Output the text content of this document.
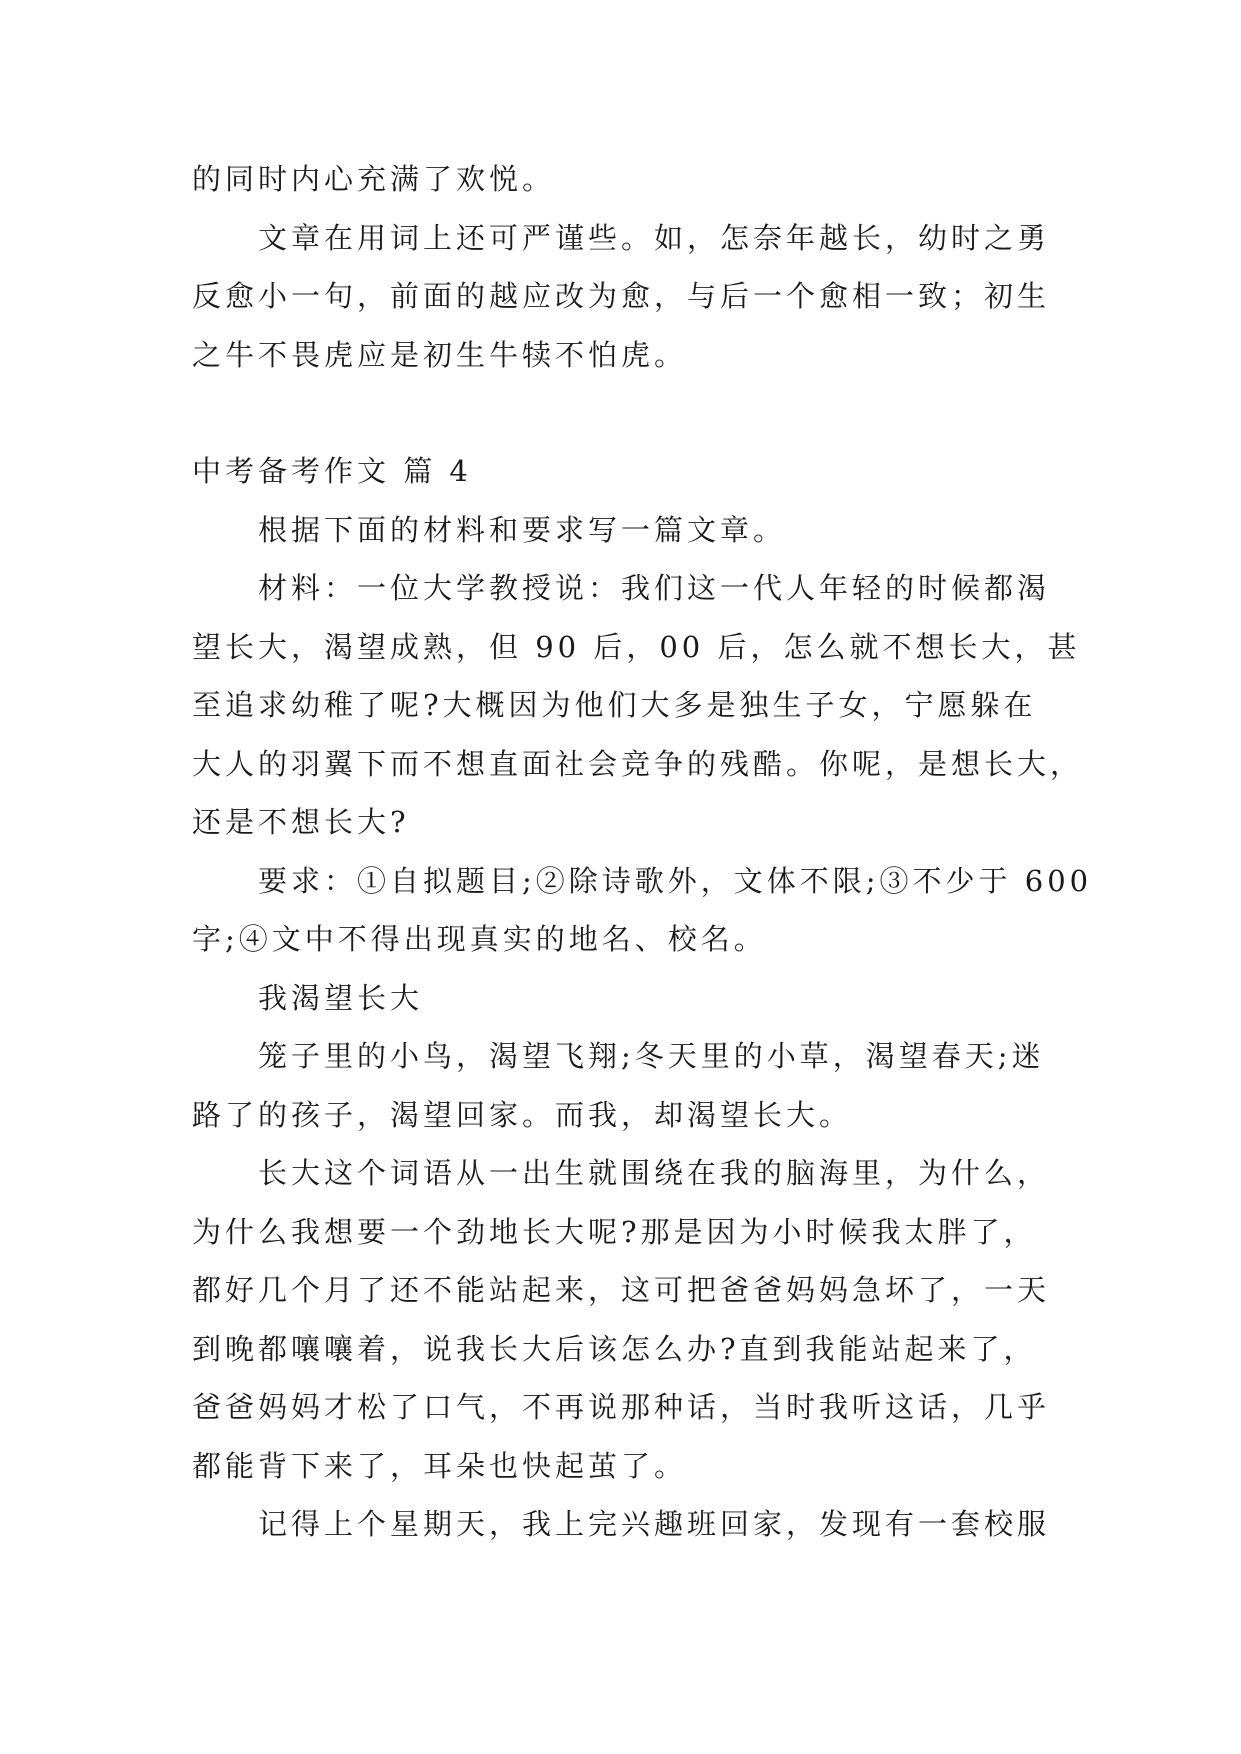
的同时内心充满了欢悦。
文章在用词上还可严谨些。如，怎奈年越长，幼时之勇
反愈小一句，前面的越应改为愈，与后一个愈相一致；初生
之牛不畏虎应是初生牛犊不怕虎。
中考备考作文 篇 4
根据下面的材料和要求写一篇文章。
材料：一位大学教授说：我们这一代人年轻的时候都渴
望长大，渴望成熟，但 90 后，00 后，怎么就不想长大，甚
至追求幼稚了呢?大概因为他们大多是独生子女，宁愿躲在
大人的羽翼下而不想直面社会竞争的残酷。你呢，是想长大，
还是不想长大?
要求：①自拟题目;②除诗歌外，文体不限;③不少于 600
字;④文中不得出现真实的地名、校名。
我渴望长大
笼子里的小鸟，渴望飞翔;冬天里的小草，渴望春天;迷
路了的孩子，渴望回家。而我，却渴望长大。
长大这个词语从一出生就围绕在我的脑海里，为什么，
为什么我想要一个劲地长大呢?那是因为小时候我太胖了，
都好几个月了还不能站起来，这可把爸爸妈妈急坏了，一天
到晚都嚷嚷着，说我长大后该怎么办?直到我能站起来了，
爸爸妈妈才松了口气，不再说那种话，当时我听这话，几乎
都能背下来了，耳朵也快起茧了。
记得上个星期天，我上完兴趣班回家，发现有一套校服
